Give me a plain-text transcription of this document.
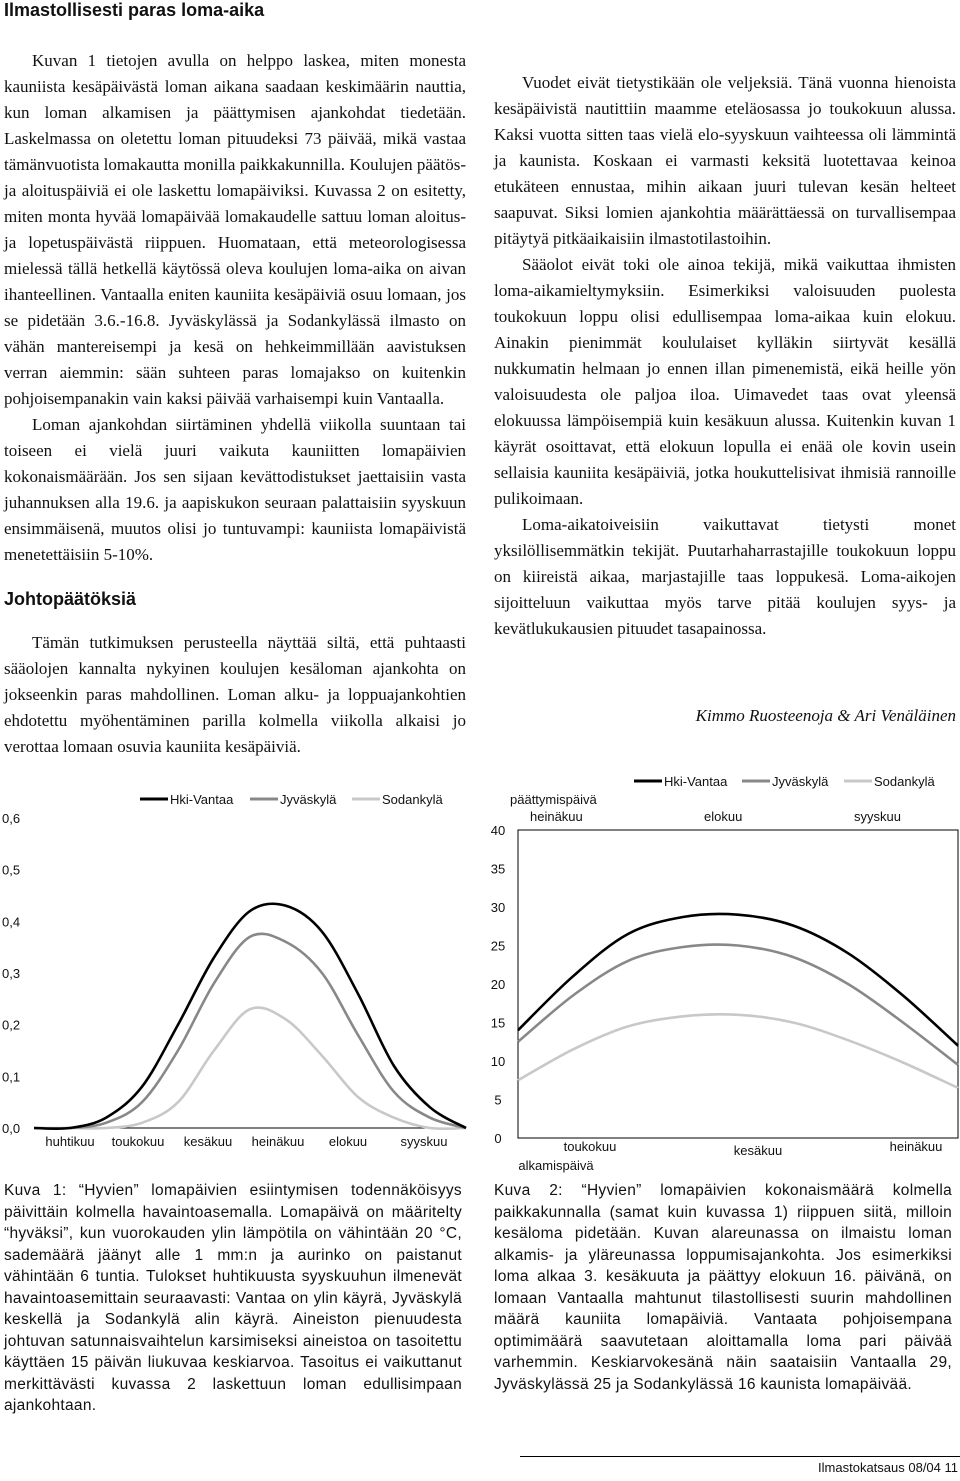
Ilmastollisesti paras loma-aika

Kuvan 1 tietojen avulla on helppo laskea, miten monesta kauniista kesäpäivästä loman aikana saadaan keskimäärin nauttia, kun loman alkamisen ja päättymisen ajankohdat tiedetään. Laskelmassa on oletettu loman pituudeksi 73 päivää, mikä vastaa tämänvuotista lomakautta monilla paikkakunnilla. Koulujen päätös- ja aloituspäiviä ei ole laskettu lomapäiviksi. Kuvassa 2 on esitetty, miten monta hyvää lomapäivää lomakaudelle sattuu loman aloitus- ja lopetuspäivästä riippuen. Huomataan, että meteorologisessa mielessä tällä hetkellä käytössä oleva koulujen loma-aika on aivan ihanteellinen. Vantaalla eniten kauniita kesäpäiviä osuu lomaan, jos se pidetään 3.6.-16.8. Jyväskylässä ja Sodankylässä ilmasto on vähän mantereisempi ja kesä on hehkeimmillään aavistuksen verran aiemmin: sään suhteen paras lomajakso on kuitenkin pohjoisempanakin vain kaksi päivää varhaisempi kuin Vantaalla.

Loman ajankohdan siirtäminen yhdellä viikolla suuntaan tai toiseen ei vielä juuri vaikuta kauniitten lomapäivien kokonaismäärään. Jos sen sijaan kevättodistukset jaettaisiin vasta juhannuksen alla 19.6. ja aapiskukon seuraan palattaisiin syyskuun ensimmäisenä, muutos olisi jo tuntuvampi: kauniista lomapäivistä menetettäisiin 5-10%.

Johtopäätöksiä

Tämän tutkimuksen perusteella näyttää siltä, että puhtaasti sääolojen kannalta nykyinen koulujen kesäloman ajankohta on jokseenkin paras mahdollinen. Loman alku- ja loppuajankohtien ehdotettu myöhentäminen parilla kolmella viikolla alkaisi jo verottaa lomaan osuvia kauniita kesäpäiviä.

Vuodet eivät tietystikään ole veljeksiä. Tänä vuonna hienoista kesäpäivistä nautittiin maamme eteläosassa jo toukokuun alussa. Kaksi vuotta sitten taas vielä elo-syyskuun vaihteessa oli lämmintä ja kaunista. Koskaan ei varmasti keksitä luotettavaa keinoa etukäteen ennustaa, mihin aikaan juuri tulevan kesän helteet saapuvat. Siksi lomien ajankohtia määrättäessä on turvallisempaa pitäytyä pitkäaikaisiin ilmastotilastoihin.

Sääolot eivät toki ole ainoa tekijä, mikä vaikuttaa ihmisten loma-aikamieltymyksiin. Esimerkiksi valoisuuden puolesta toukokuun loppu olisi edullisempaa loma-aikaa kuin elokuu. Ainakin pienimmät koululaiset kylläkin siirtyvät kesällä nukkumatin helmaan jo ennen illan pimenemistä, eikä heille yön valoisuudesta ole paljoa iloa. Uimavedet taas ovat yleensä elokuussa lämpöisempiä kuin kesäkuun alussa. Kuitenkin kuvan 1 käyrät osoittavat, että elokuun lopulla ei enää ole kovin usein sellaisia kauniita kesäpäiviä, jotka houkuttelisivat ihmisiä rannoille pulikoimaan.

Loma-aikatoiveisiin vaikuttavat tietysti monet yksilöllisemmätkin tekijät. Puutarhaharrastajille toukokuun loppu on kiireistä aikaa, marjastajille taas loppukesä. Loma-aikojen sijoitteluun vaikuttaa myös tarve pitää koulujen syys- ja kevätlukukausien pituudet tasapainossa.

Kimmo Ruosteenoja & Ari Venäläinen
0,0
0,1
0,2
0,3
0,4
0,5
0,6
huhtikuu toukokuu kesäkuu heinäkuu elokuu	syyskuu
Hki-Vantaa	Jyväskylä	Sodankylä
0
5
10
15
20
25
30
35
40
toukokuu	kesäkuu	heinäkuu
alkamispäivä
päättymispäivä
heinäkuu	elokuu	syyskuu
Hki-Vantaa	Jyväskylä	Sodankylä
Kuva 1: “Hyvien” lomapäivien esiintymisen todennäköisyys päivittäin kolmella havaintoasemalla. Lomapäivä on määritelty “hyväksi”, kun vuorokauden ylin lämpötila on vähintään 20 °C, sademäärä jäänyt alle 1 mm:n ja aurinko on paistanut vähintään 6 tuntia. Tulokset huhtikuusta syyskuuhun ilmenevät havaintoasemittain seuraavasti: Vantaa on ylin käyrä, Jyväskylä keskellä ja Sodankylä alin käyrä. Aineiston pienuudesta johtuvan satunnaisvaihtelun karsimiseksi aineistoa on tasoitettu käyttäen 15 päivän liukuvaa keskiarvoa. Tasoitus ei vaikuttanut merkittävästi kuvassa 2 laskettuun loman edullisimpaan ajankohtaan.
Kuva 2: “Hyvien” lomapäivien kokonaismäärä kolmella paikkakunnalla (samat kuin kuvassa 1) riippuen siitä, milloin kesäloma pidetään. Kuvan alareunassa on ilmaistu loman alkamis- ja yläreunassa loppumisajankohta. Jos esimerkiksi loma alkaa 3. kesäkuuta ja päättyy elokuun 16. päivänä, on lomaan Vantaalla mahtunut tilastollisesti suurin mahdollinen määrä kauniita lomapäiviä. Vantaata pohjoisempana optimimäärä saavutetaan aloittamalla loma pari päivää varhemmin. Keskiarvokesänä näin saataisiin Vantaalla 29, Jyväskylässä 25 ja Sodankylässä 16 kaunista lomapäivää.
Ilmastokatsaus 08/04 11
